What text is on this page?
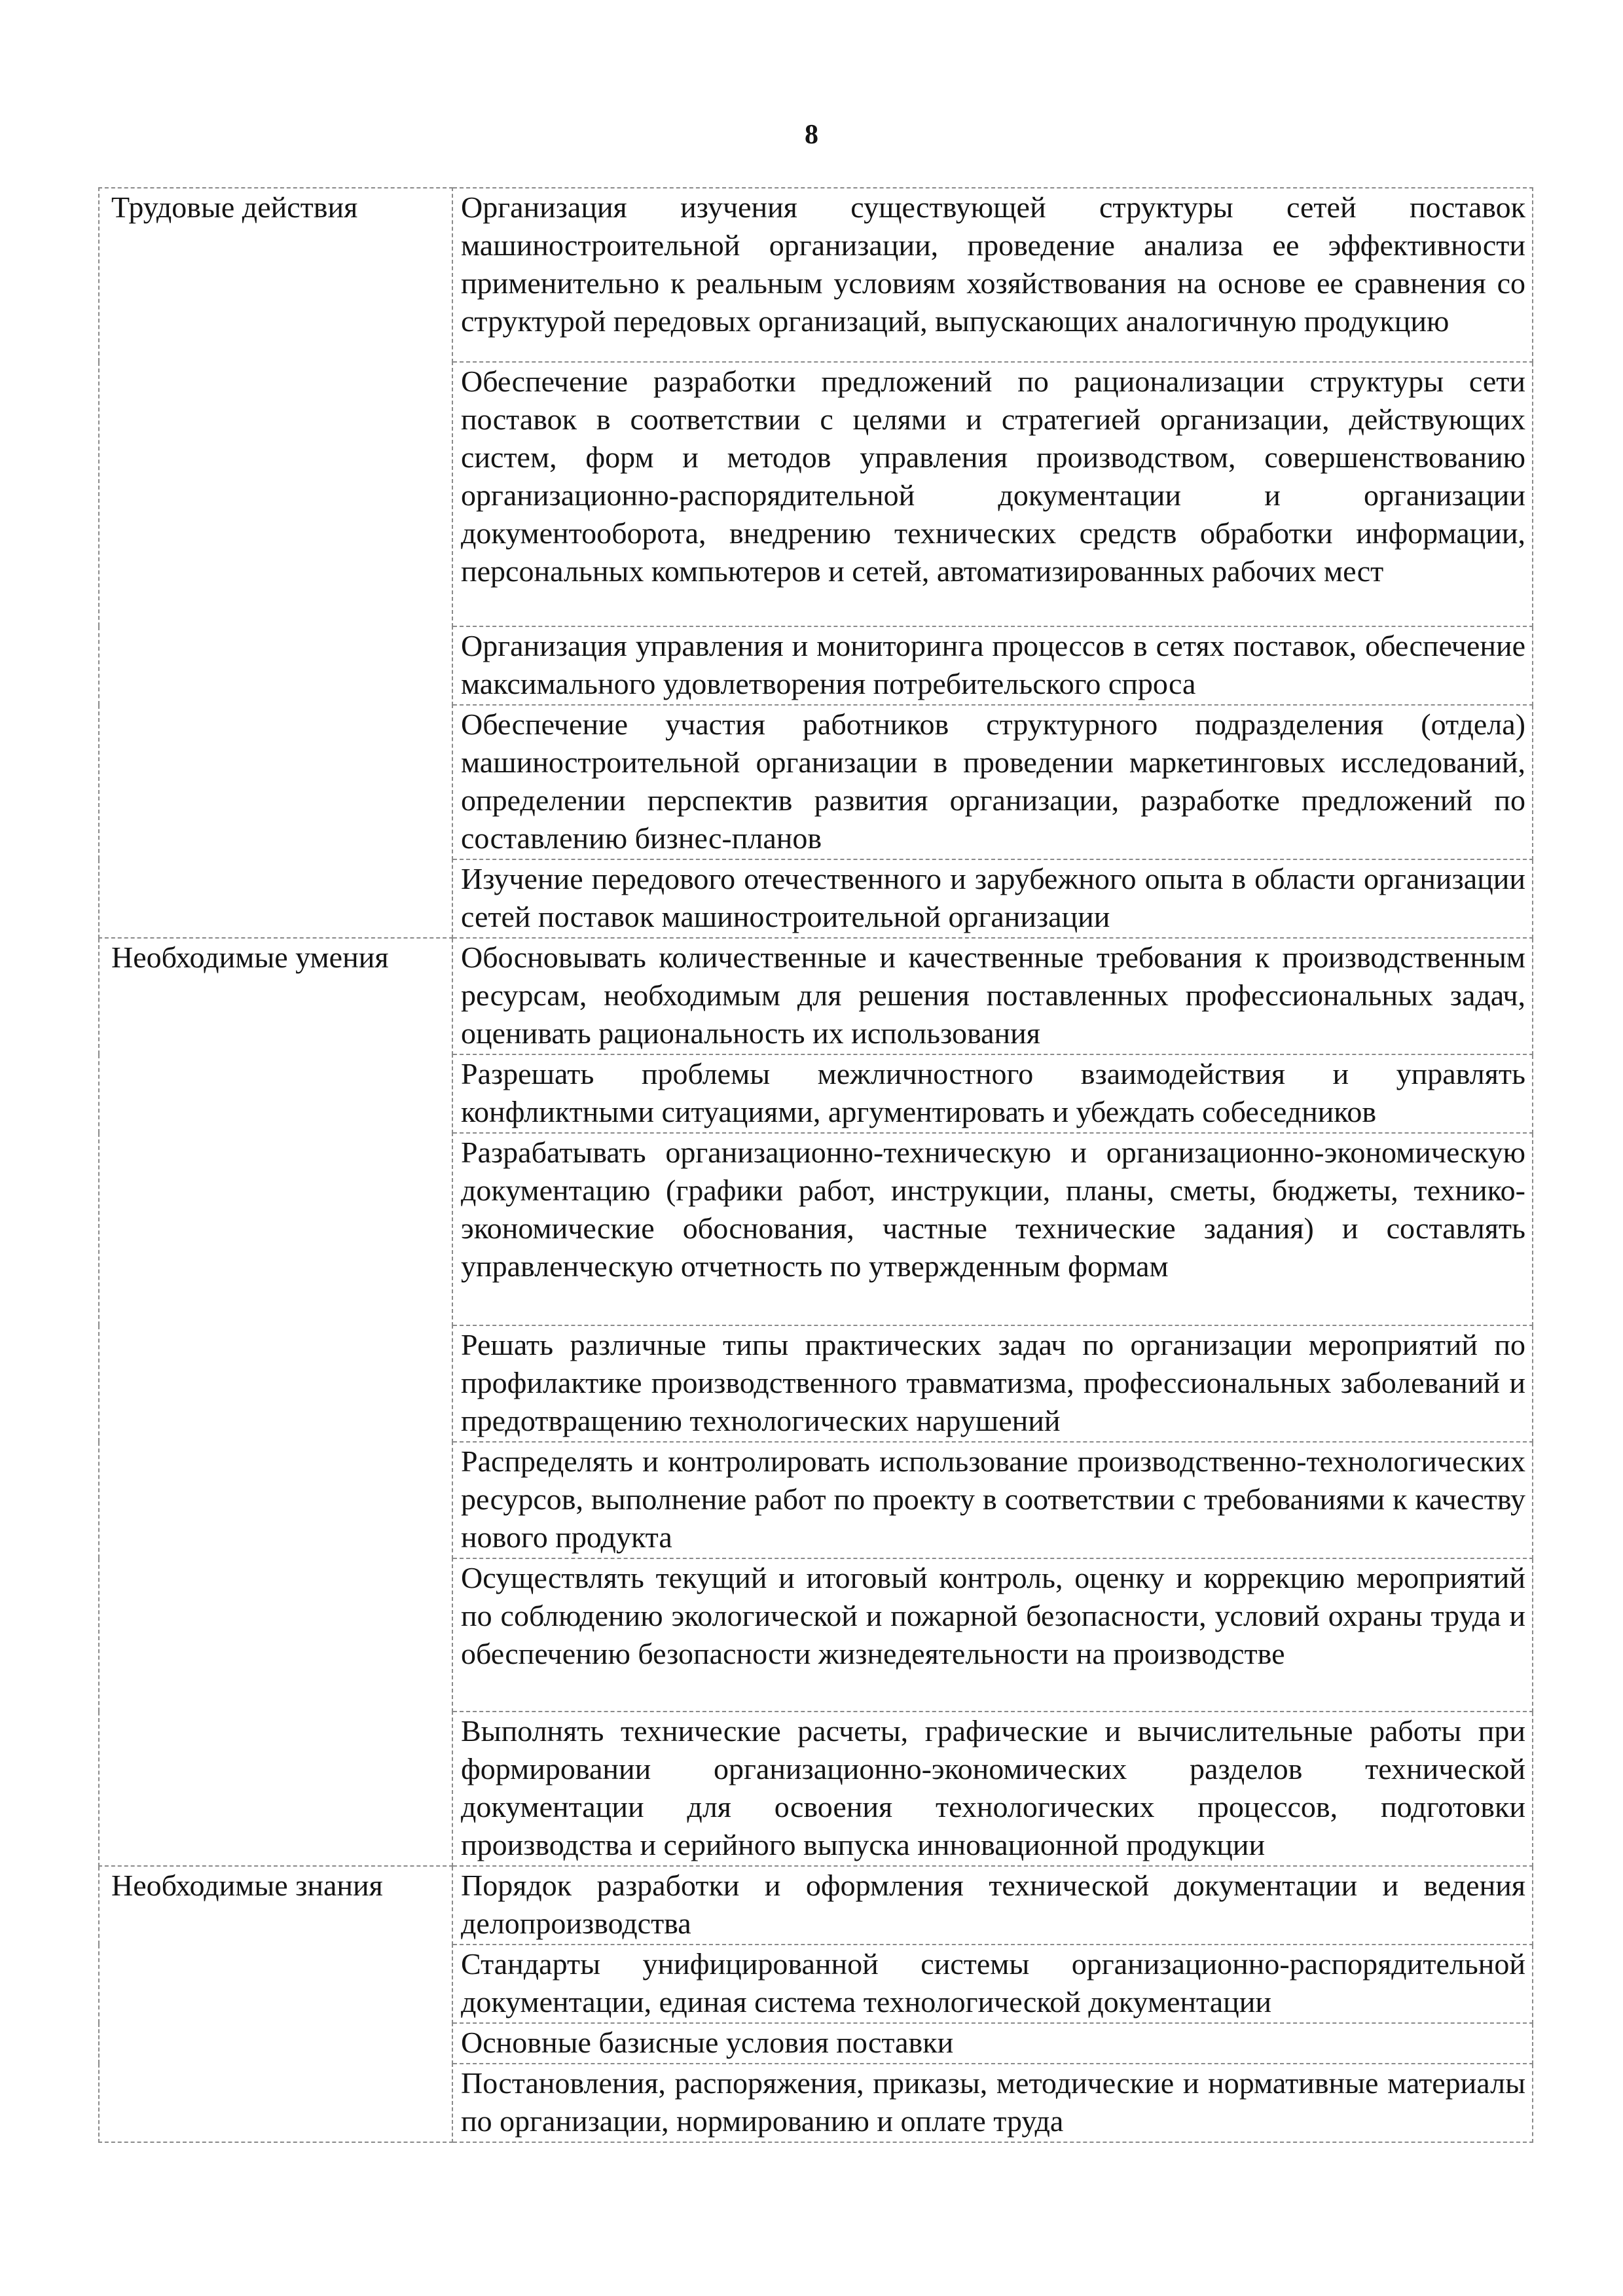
8
Трудовые действия	Организация изучения существующей структуры сетей поставок машиностроительной организации, проведение анализа ее эффективности применительно к реальным условиям хозяйствования на основе ее сравнения со структурой передовых организаций, выпускающих аналогичную продукцию
	Обеспечение разработки предложений по рационализации структуры сети поставок в соответствии с целями и стратегией организации, действующих систем, форм и методов управления производством, совершенствованию организационно-распорядительной документации и организации документооборота, внедрению технических средств обработки информации, персональных компьютеров и сетей, автоматизированных рабочих мест
	Организация управления и мониторинга процессов в сетях поставок, обеспечение максимального удовлетворения потребительского спроса
	Обеспечение участия работников структурного подразделения (отдела) машиностроительной организации в проведении маркетинговых исследований, определении перспектив развития организации, разработке предложений по составлению бизнес-планов
	Изучение передового отечественного и зарубежного опыта в области организации сетей поставок машиностроительной организации
Необходимые умения	Обосновывать количественные и качественные требования к производственным ресурсам, необходимым для решения поставленных профессиональных задач, оценивать рациональность их использования
	Разрешать проблемы межличностного взаимодействия и управлять конфликтными ситуациями, аргументировать и убеждать собеседников
	Разрабатывать организационно-техническую и организационно-экономическую документацию (графики работ, инструкции, планы, сметы, бюджеты, технико-экономические обоснования, частные технические задания) и составлять управленческую отчетность по утвержденным формам
	Решать различные типы практических задач по организации мероприятий по профилактике производственного травматизма, профессиональных заболеваний и предотвращению технологических нарушений
	Распределять и контролировать использование производственно-технологических ресурсов, выполнение работ по проекту в соответствии с требованиями к качеству нового продукта
	Осуществлять текущий и итоговый контроль, оценку и коррекцию мероприятий по соблюдению экологической и пожарной безопасности, условий охраны труда и обеспечению безопасности жизнедеятельности на производстве
	Выполнять технические расчеты, графические и вычислительные работы при формировании организационно-экономических разделов технической документации для освоения технологических процессов, подготовки производства и серийного выпуска инновационной продукции
Необходимые знания	Порядок разработки и оформления технической документации и ведения делопроизводства
	Стандарты унифицированной системы организационно-распорядительной документации, единая система технологической документации
	Основные базисные условия поставки
	Постановления, распоряжения, приказы, методические и нормативные материалы по организации, нормированию и оплате труда
